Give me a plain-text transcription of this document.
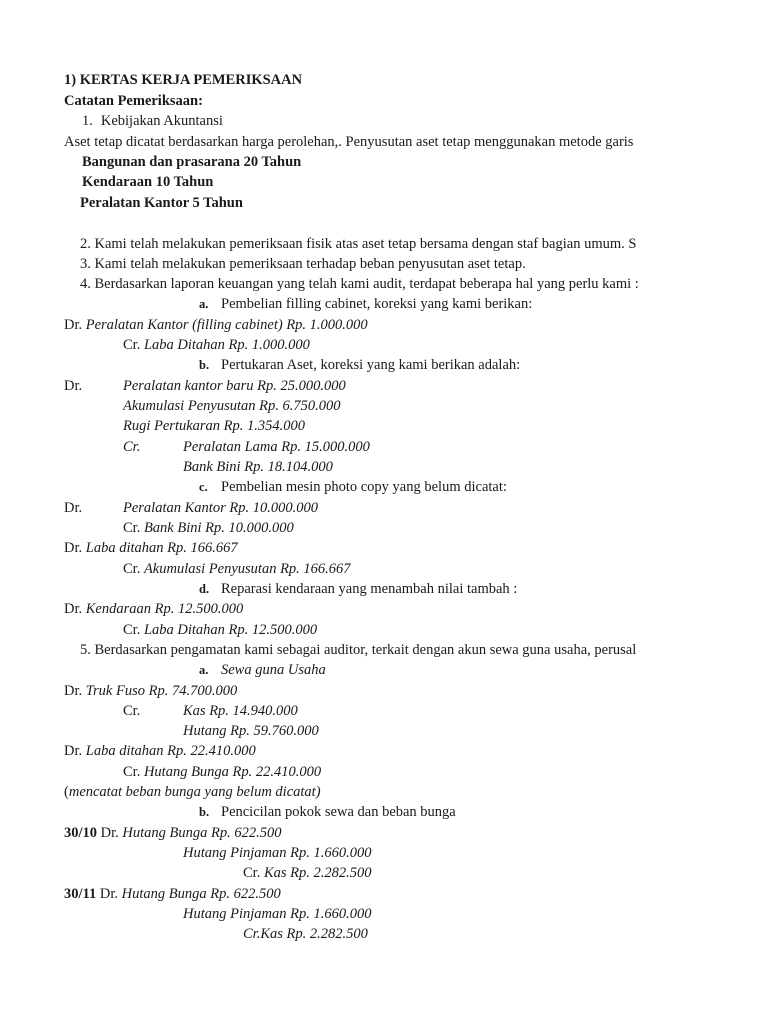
1) KERTAS KERJA PEMERIKSAAN
Catatan Pemeriksaan:
1. Kebijakan Akuntansi
Aset tetap dicatat berdasarkan harga perolehan,. Penyusutan aset tetap menggunakan metode garis
Bangunan dan prasarana 20 Tahun
Kendaraan 10 Tahun
Peralatan Kantor 5 Tahun
2. Kami telah melakukan pemeriksaan fisik atas aset tetap bersama dengan staf bagian umum. S
3. Kami telah melakukan pemeriksaan terhadap beban penyusutan aset tetap.
4. Berdasarkan laporan keuangan yang telah kami audit, terdapat beberapa hal yang perlu kami :
a. Pembelian filling cabinet, koreksi yang kami berikan:
Dr. Peralatan Kantor (filling cabinet) Rp. 1.000.000
Cr. Laba Ditahan Rp. 1.000.000
b. Pertukaran Aset, koreksi yang kami berikan adalah:
Dr.	Peralatan kantor baru Rp. 25.000.000
Akumulasi Penyusutan Rp. 6.750.000
Rugi Pertukaran Rp. 1.354.000
Cr.	Peralatan Lama Rp. 15.000.000
Bank Bini Rp. 18.104.000
c. Pembelian mesin photo copy yang belum dicatat:
Dr.	Peralatan Kantor Rp. 10.000.000
Cr. Bank Bini Rp. 10.000.000
Dr. Laba ditahan Rp. 166.667
Cr. Akumulasi Penyusutan Rp. 166.667
d. Reparasi kendaraan yang menambah nilai tambah :
Dr. Kendaraan Rp. 12.500.000
Cr. Laba Ditahan Rp. 12.500.000
5. Berdasarkan pengamatan kami sebagai auditor, terkait dengan akun sewa guna usaha, perusal
a. Sewa guna Usaha
Dr. Truk Fuso Rp. 74.700.000
Cr.	Kas Rp. 14.940.000
Hutang Rp. 59.760.000
Dr. Laba ditahan Rp. 22.410.000
Cr. Hutang Bunga Rp. 22.410.000
(mencatat beban bunga yang belum dicatat)
b. Pencicilan pokok sewa dan beban bunga
30/10 Dr. Hutang Bunga Rp. 622.500
Hutang Pinjaman Rp. 1.660.000
Cr. Kas Rp. 2.282.500
30/11 Dr. Hutang Bunga Rp. 622.500
Hutang Pinjaman Rp. 1.660.000
Cr.Kas Rp. 2.282.500
